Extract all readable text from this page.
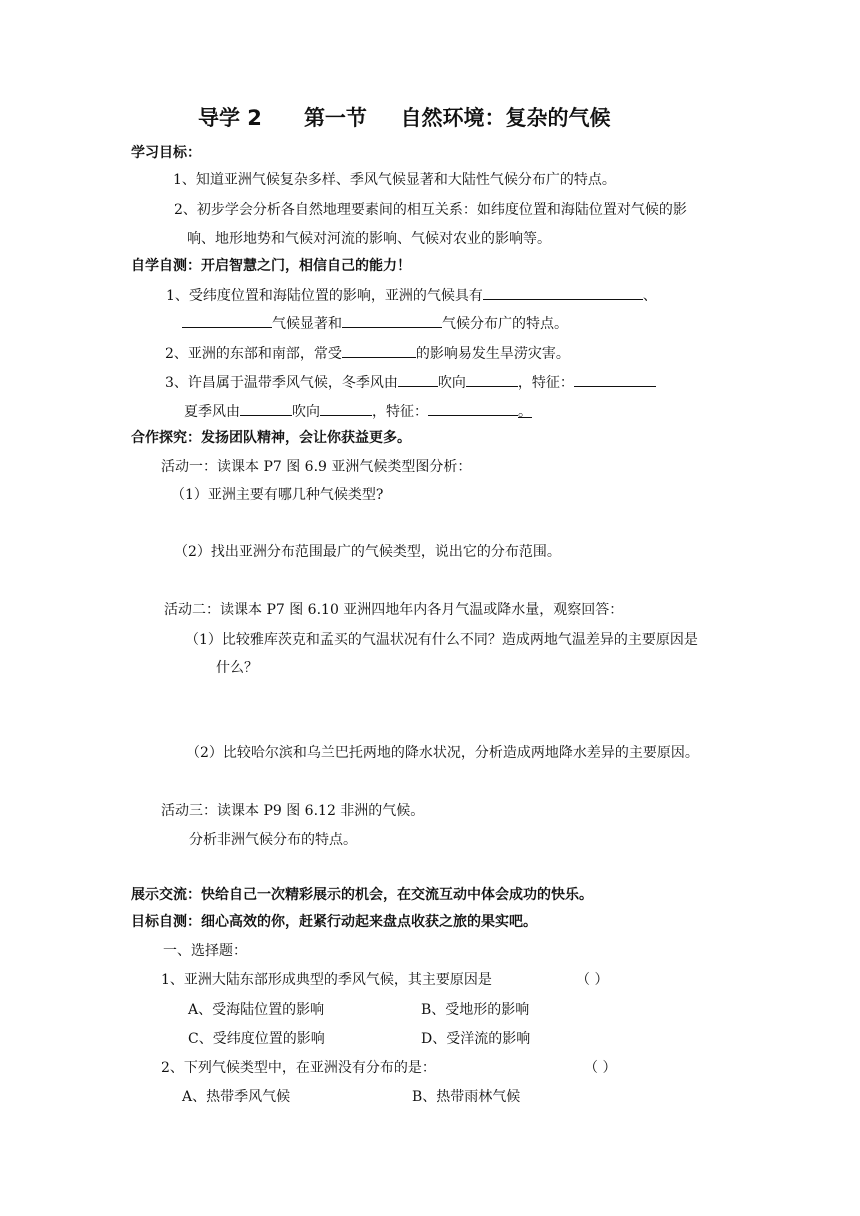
导学 2 第一节 自然环境：复杂的气候
学习目标：
1、知道亚洲气候复杂多样、季风气候显著和大陆性气候分布广的特点。
2、初步学会分析各自然地理要素间的相互关系：如纬度位置和海陆位置对气候的影
响、地形地势和气候对河流的影响、气候对农业的影响等。
自学自测：开启智慧之门，相信自己的能力！
1、受纬度位置和海陆位置的影响，亚洲的气候具有	、
气候显著和	气候分布广的特点。
2、亚洲的东部和南部，常受	的影响易发生旱涝灾害。
3、许昌属于温带季风气候，冬季风由	吹向	，特征：
夏季风由	吹向	，特征：	。
合作探究：发扬团队精神，会让你获益更多。
活动一：读课本 P7 图 6.9 亚洲气候类型图分析：
（1）亚洲主要有哪几种气候类型?
（2）找出亚洲分布范围最广的气候类型，说出它的分布范围。
活动二：读课本 P7 图 6.10 亚洲四地年内各月气温或降水量，观察回答：
（1）比较雅库茨克和孟买的气温状况有什么不同？造成两地气温差异的主要原因是
什么？
（2）比较哈尔滨和乌兰巴托两地的降水状况，分析造成两地降水差异的主要原因。
活动三：读课本 P9 图 6.12 非洲的气候。
分析非洲气候分布的特点。
展示交流：快给自己一次精彩展示的机会，在交流互动中体会成功的快乐。
目标自测：细心高效的你，赶紧行动起来盘点收获之旅的果实吧。
一、选择题：
1、亚洲大陆东部形成典型的季风气候，其主要原因是	（ ）
A、受海陆位置的影响	B、受地形的影响
C、受纬度位置的影响	D、受洋流的影响
2、下列气候类型中，在亚洲没有分布的是：	（ ）
A、热带季风气候	B、热带雨林气候
